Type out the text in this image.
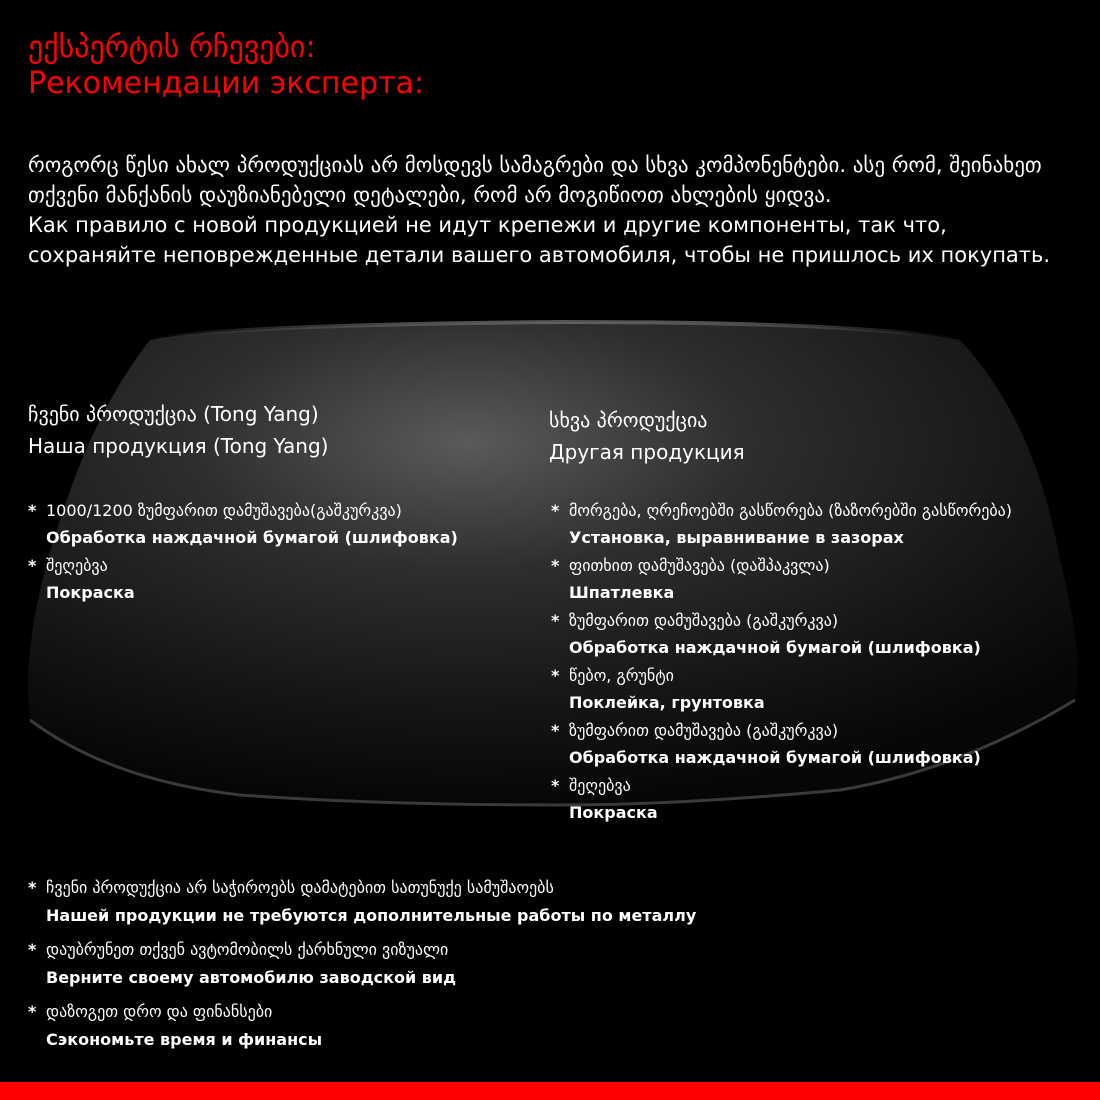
ექსპერტის რჩევები:
Рекомендации эксперта:
როგორც წესი ახალ პროდუქციას არ მოსდევს სამაგრები და სხვა კომპონენტები. ასე რომ, შეინახეთ თქვენი მანქანის დაუზიანებელი დეტალები, რომ არ მოგიწიოთ ახლების ყიდვა.
Как правило с новой продукцией не идут крепежи и другие компоненты, так что, сохраняйте неповрежденные детали вашего автомобиля, чтобы не пришлось их покупать.
ჩვენი პროდუქცია (Tong Yang)
Наша продукция (Tong Yang)
* 1000/1200 ზუმფარით დამუშავება(გაშკურკვა)
Обработка наждачной бумагой (шлифовка)
* შეღებვა
Покраска
სხვა პროდუქცია
Другая продукция
* მორგება, ღრეჩოებში გასწორება (ზაზორებში გასწორება)
Установка, выравнивание в зазорах
* ფითხით დამუშავება (დაშპაკვლა)
Шпатлевка
* ზუმფარით დამუშავება (გაშკურკვა)
Обработка наждачной бумагой (шлифовка)
* წებო, გრუნტი
Поклейка, грунтовка
* ზუმფარით დამუშავება (გაშკურკვა)
Обработка наждачной бумагой (шлифовка)
* შეღებვა
Покраска
* ჩვენი პროდუქცია არ საჭიროებს დამატებით სათუნუქე სამუშაოებს
Нашей продукции не требуются дополнительные работы по металлу
* დაუბრუნეთ თქვენ ავტომობილს ქარხნული ვიზუალი
Верните своему автомобилю заводской вид
* დაზოგეთ დრო და ფინანსები
Сэкономьте время и финансы
